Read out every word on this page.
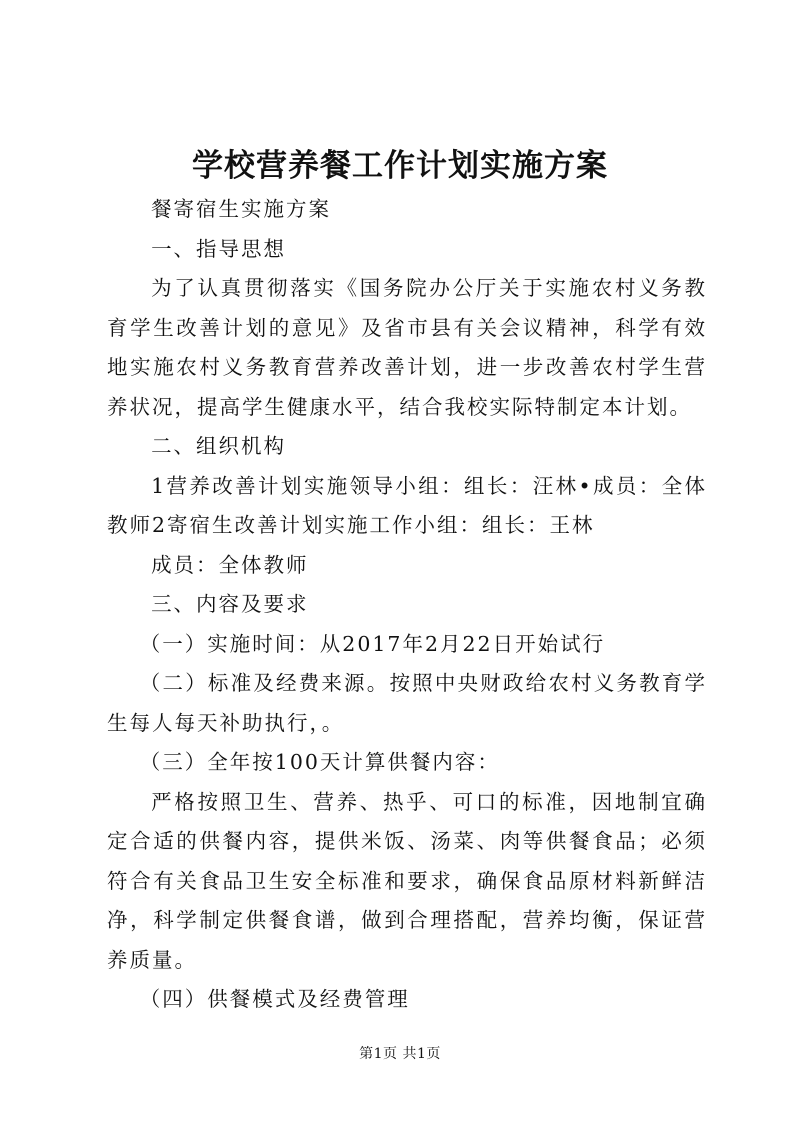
学校营养餐工作计划实施方案

餐寄宿生实施方案

一、指导思想

为了认真贯彻落实《国务院办公厅关于实施农村义务教育学生改善计划的意见》及省市县有关会议精神，科学有效地实施农村义务教育营养改善计划，进一步改善农村学生营养状况，提高学生健康水平，结合我校实际特制定本计划。

二、组织机构

1营养改善计划实施领导小组：组长：汪林•成员：全体教师2寄宿生改善计划实施工作小组：组长：王林

成员：全体教师

三、内容及要求

（一）实施时间：从2017年2月22日开始试行

（二）标准及经费来源。按照中央财政给农村义务教育学生每人每天补助执行，。

（三）全年按100天计算供餐内容：

严格按照卫生、营养、热乎、可口的标准，因地制宜确定合适的供餐内容，提供米饭、汤菜、肉等供餐食品；必须符合有关食品卫生安全标准和要求，确保食品原材料新鲜洁净，科学制定供餐食谱，做到合理搭配，营养均衡，保证营养质量。

（四）供餐模式及经费管理

第1页 共1页
